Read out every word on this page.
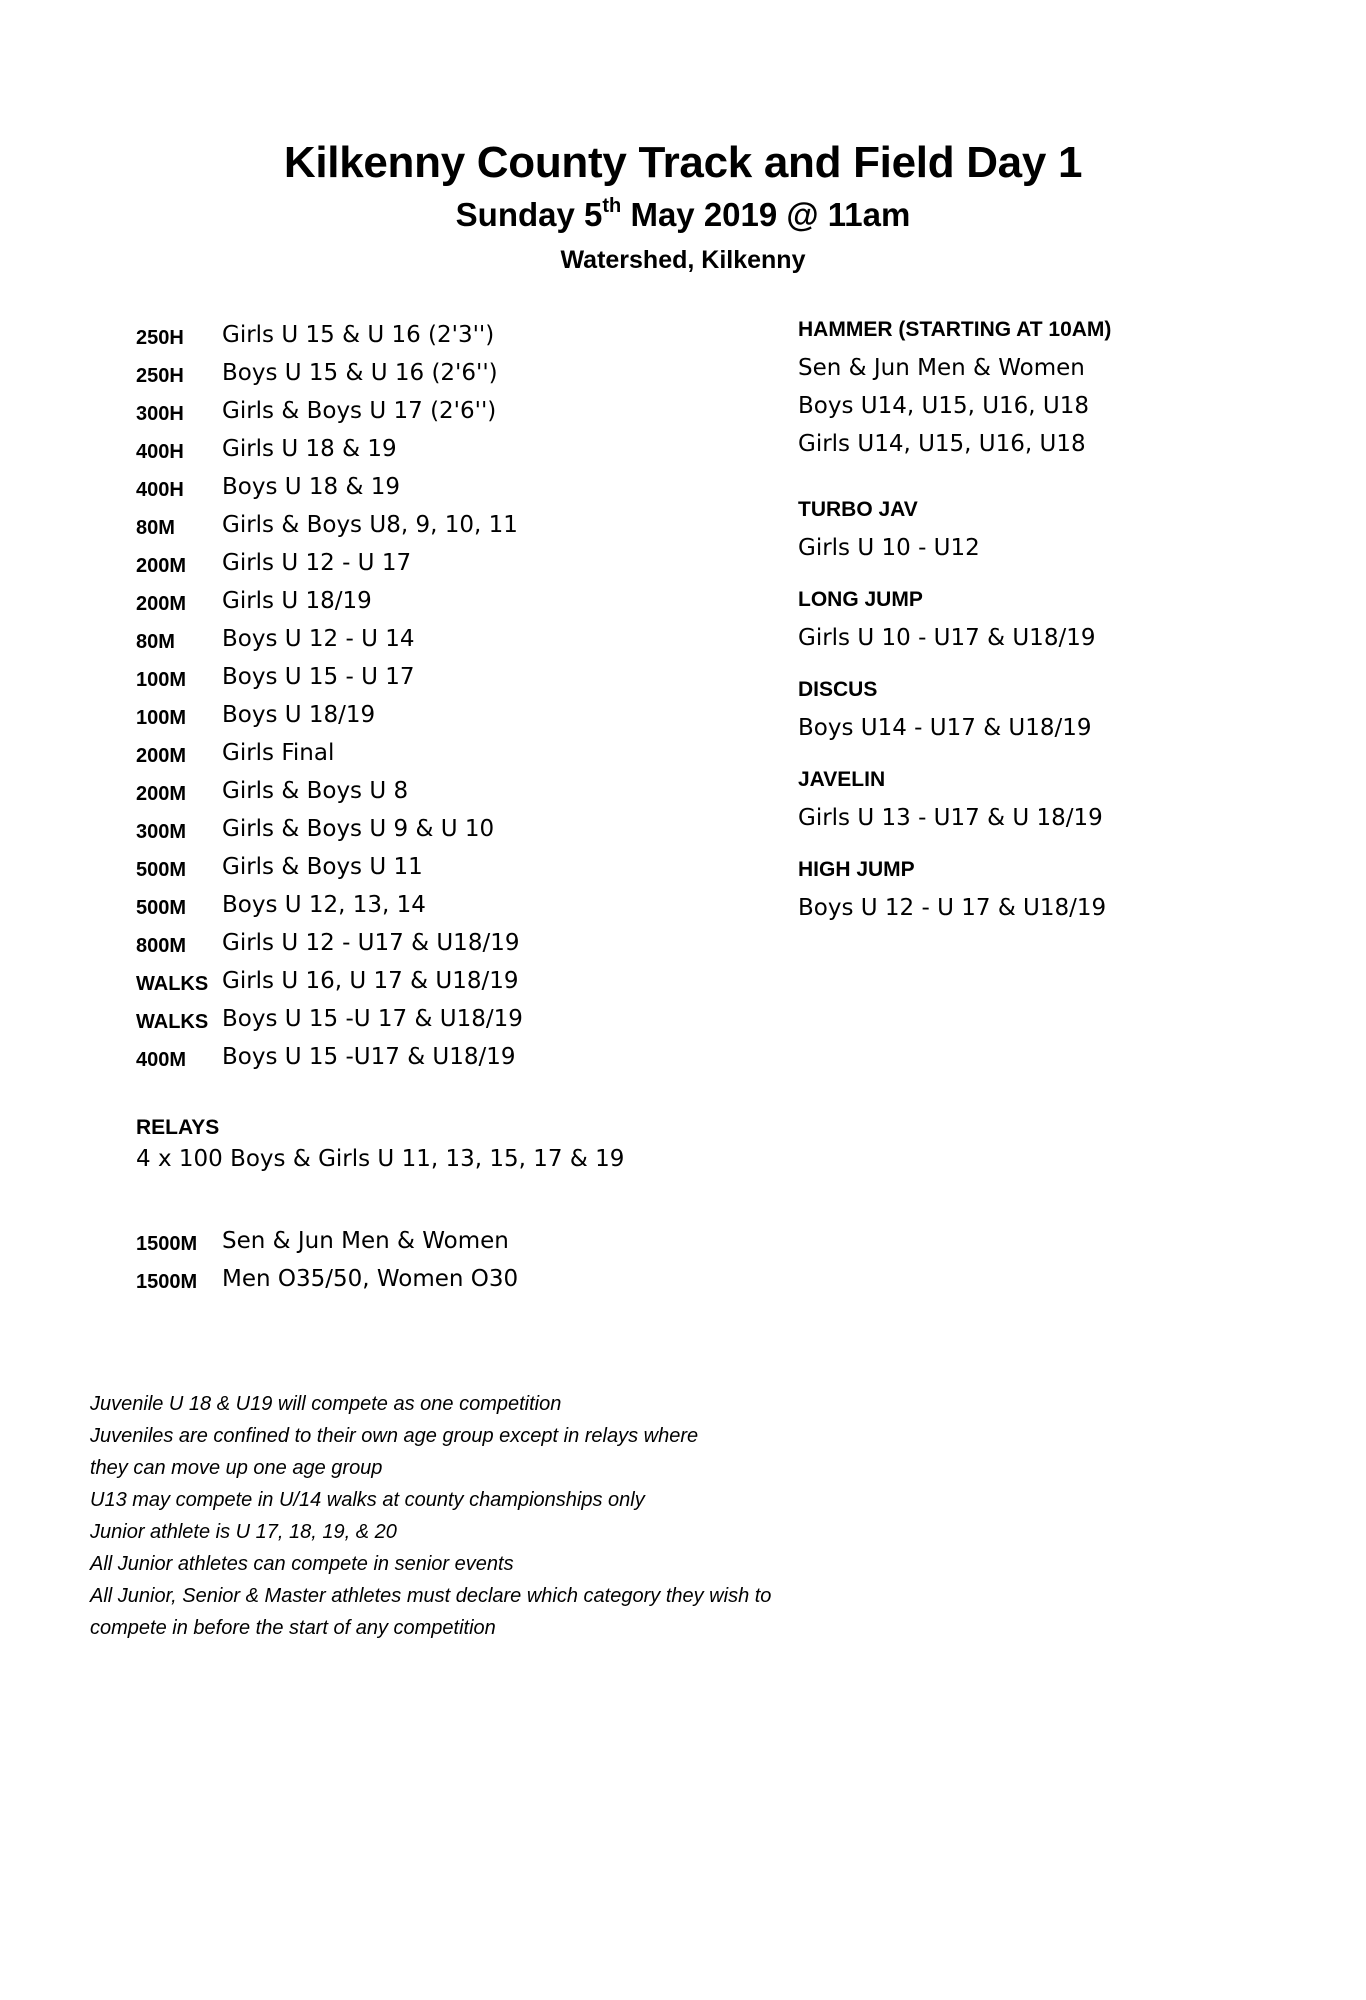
Kilkenny County Track and Field Day 1
Sunday 5th May 2019 @ 11am
Watershed, Kilkenny
250H	Girls U 15 & U 16 (2'3'')
250H	Boys U 15 & U 16 (2'6'')
300H	Girls & Boys U 17 (2'6'')
400H	Girls U 18 & 19
400H	Boys U 18 & 19
80M	Girls & Boys U8, 9, 10, 11
200M	Girls U 12 - U 17
200M	Girls U 18/19
80M	Boys U 12 - U 14
100M	Boys U 15 - U 17
100M	Boys U 18/19
200M	Girls Final
200M	Girls & Boys U 8
300M	Girls & Boys U 9 & U 10
500M	Girls & Boys U 11
500M	Boys U 12, 13, 14
800M	Girls U 12 - U17 & U18/19
WALKS Girls U 16, U 17 & U18/19
WALKS Boys U 15 -U 17 & U18/19
400M	Boys U 15 -U17 & U18/19
RELAYS
4 x 100 Boys & Girls U 11, 13, 15, 17 & 19
1500M	Sen & Jun Men & Women
1500M	Men O35/50, Women O30
HAMMER (STARTING AT 10AM)
Sen & Jun Men & Women
Boys U14, U15, U16, U18
Girls U14, U15, U16, U18
TURBO JAV
Girls U 10 - U12
LONG JUMP
Girls U 10 - U17 & U18/19
DISCUS
Boys U14 - U17 & U18/19
JAVELIN
Girls U 13 - U17 & U 18/19
HIGH JUMP
Boys U 12 - U 17 & U18/19
Juvenile U 18 & U19 will compete as one competition
Juveniles are confined to their own age group except in relays where
they can move up one age group
U13 may compete in U/14 walks at county championships only
Junior athlete is U 17, 18, 19, & 20
All Junior athletes can compete in senior events
All Junior, Senior & Master athletes must declare which category they wish to
compete in before the start of any competition
